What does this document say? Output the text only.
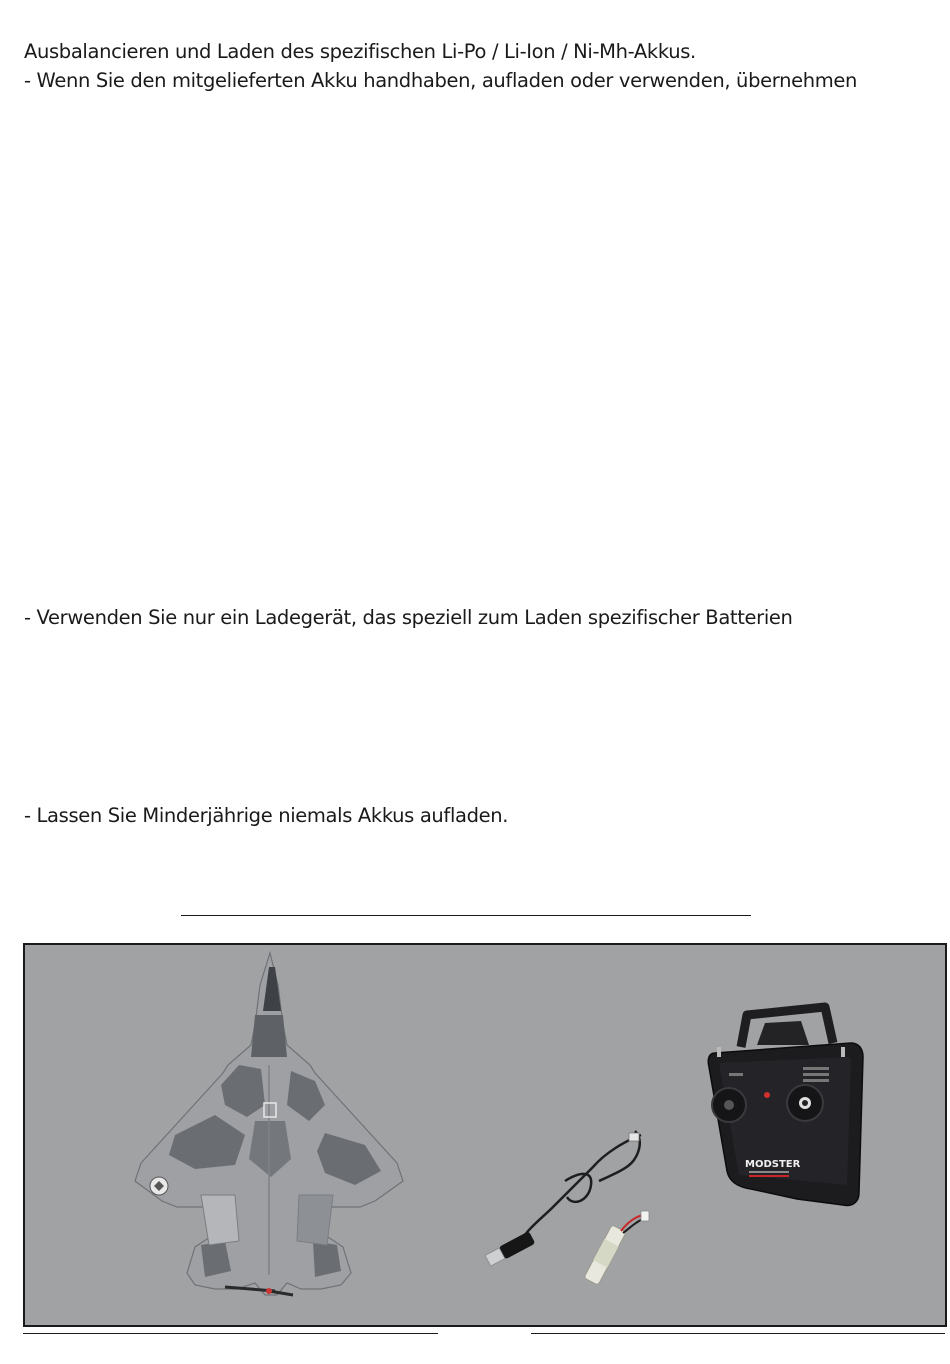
Ausbalancieren und Laden des spezifischen Li-Po / Li-Ion / Ni-Mh-Akkus.
- Wenn Sie den mitgelieferten Akku handhaben, aufladen oder verwenden, übernehmen
- Verwenden Sie nur ein Ladegerät, das speziell zum Laden spezifischer Batterien
- Lassen Sie Minderjährige niemals Akkus aufladen.
MODSTER
